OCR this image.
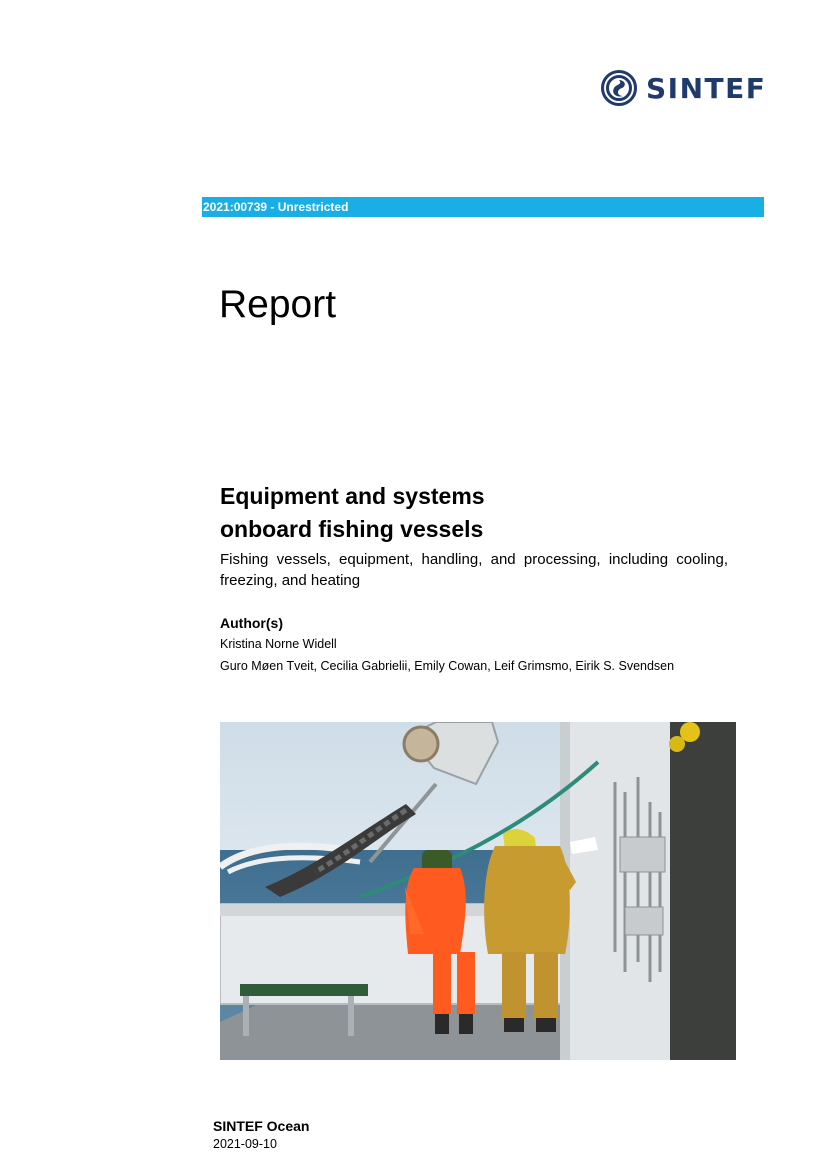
SINTEF
2021:00739 - Unrestricted
Report
Equipment and systems
onboard fishing vessels
Fishing vessels, equipment, handling, and processing, including cooling, freezing, and heating
Author(s)
Kristina Norne Widell
Guro Møen Tveit, Cecilia Gabrielii, Emily Cowan, Leif Grimsmo, Eirik S. Svendsen
SINTEF Ocean
2021-09-10
